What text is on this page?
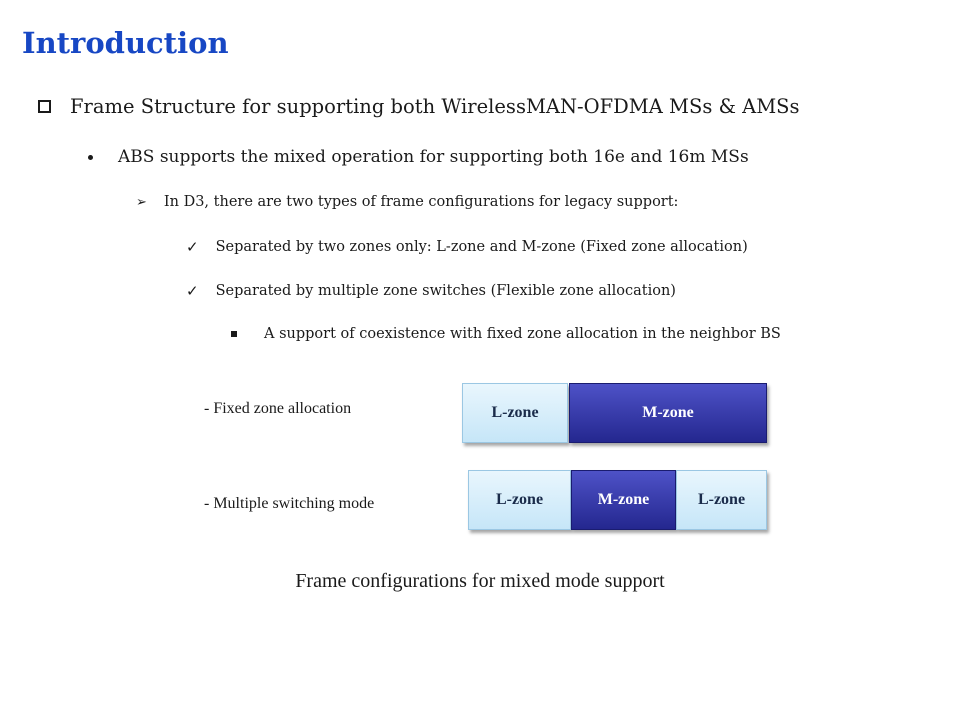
Introduction
Frame Structure for supporting both WirelessMAN-OFDMA MSs & AMSs
ABS supports the mixed operation for supporting both 16e and 16m MSs
➢ In D3, there are two types of frame configurations for legacy support:
✓ Separated by two zones only: L-zone and M-zone (Fixed zone allocation)
✓ Separated by multiple zone switches (Flexible zone allocation)
A support of coexistence with fixed zone allocation in the neighbor BS
- Fixed zone allocation	L-zone	M-zone
- Multiple switching mode	L-zone	M-zone	L-zone
Frame configurations for mixed mode support
